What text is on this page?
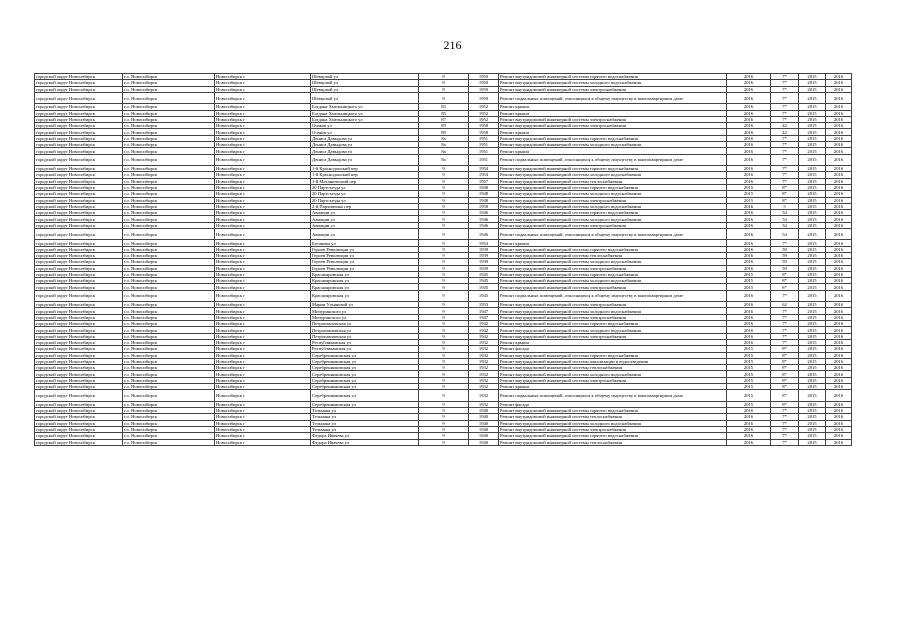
216
городской округ Новосибирск	г.о. Новосибирск	Новосибирск г	Шевцовой ул	8	1950	Ремонт внутридомовой инженерной системы горячего водоснабжения	2016	7*	2015	2016
городской округ Новосибирск	г.о. Новосибирск	Новосибирск г	Шевцовой ул	8	1950	Ремонт внутридомовой инженерной системы холодного водоснабжения	2016	7*	2015	2016
городской округ Новосибирск	г.о. Новосибирск	Новосибирск г	Шевцовой ул	8	1950	Ремонт внутридомовой инженерной системы электроснабжения	2016	7*	2015	2016
городской округ Новосибирск	г.о. Новосибирск	Новосибирск г	Шевцовой ул	8	1950	Ремонт подвальных помещений, относящихся к общему имуществу в многоквартирном доме	2016	7*	2015	2016
городской округ Новосибирск	г.о. Новосибирск	Новосибирск г	Богдана Хмельницкого ул	83	1952	Ремонт крыши	2016	7*	2015	2016
городской округ Новосибирск	г.о. Новосибирск	Новосибирск г	Богдана Хмельницкого ул	85	1952	Ремонт крыши	2016	7*	2015	2016
городской округ Новосибирск	г.о. Новосибирск	Новосибирск г	Богдана Хмельницкого ул	87	1952	Ремонт внутридомовой инженерной системы электроснабжения	2016	7*	2015	2016
городской округ Новосибирск	г.о. Новосибирск	Новосибирск г	Очаков ул	89	1958	Ремонт внутридомовой инженерной системы электроснабжения	2016	42	2015	2016
городской округ Новосибирск	г.о. Новосибирск	Новосибирск г	Очаков ул	89	1958	Ремонт крыши	2016	42	2015	2016
городской округ Новосибирск	г.о. Новосибирск	Новосибирск г	Дениса Давыдова ул	8а	1951	Ремонт внутридомовой инженерной системы горячего водоснабжения	2016	7*	2015	2016
городской округ Новосибирск	г.о. Новосибирск	Новосибирск г	Дениса Давыдова ул	8а	1951	Ремонт внутридомовой инженерной системы холодного водоснабжения	2016	7*	2015	2016
городской округ Новосибирск	г.о. Новосибирск	Новосибирск г	Дениса Давыдова ул	8а	1951	Ремонт крыши	2016	7*	2015	2016
городской округ Новосибирск	г.о. Новосибирск	Новосибирск г	Дениса Давыдова ул	8а	1951	Ремонт подвальных помещений, относящихся к общему имуществу в многоквартирном доме	2016	7*	2015	2016
городской округ Новосибирск	г.о. Новосибирск	Новосибирск г	1-й Краснодонский пер	9	1954	Ремонт внутридомовой инженерной системы горячего водоснабжения	2016	7*	2015	2016
городской округ Новосибирск	г.о. Новосибирск	Новосибирск г	1-й Краснодонский пер	9	1954	Ремонт внутридомовой инженерной системы холодного водоснабжения	2016	7*	2015	2016
городской округ Новосибирск	г.о. Новосибирск	Новосибирск г	1-й Механический пер	9	1957	Ремонт внутридомовой инженерной системы теплоснабжения	2016	7*	2015	2016
городской округ Новосибирск	г.о. Новосибирск	Новосибирск г	20 Партсъезда ул	9	1948	Ремонт внутридомовой инженерной системы горячего водоснабжения	2015	8*	2015	2016
городской округ Новосибирск	г.о. Новосибирск	Новосибирск г	20 Партсъезда ул	9	1948	Ремонт внутридомовой инженерной системы холодного водоснабжения	2015	8*	2015	2016
городской округ Новосибирск	г.о. Новосибирск	Новосибирск г	20 Партсъезда ул	9	1948	Ремонт внутридомовой инженерной системы электроснабжения	2015	8*	2015	2016
городской округ Новосибирск	г.о. Новосибирск	Новосибирск г	2-й Пархоменко пер	9	1958	Ремонт внутридомовой инженерной системы холодного водоснабжения	2016	5	2015	2016
городской округ Новосибирск	г.о. Новосибирск	Новосибирск г	Авиации ул	9	1946	Ремонт внутридомовой инженерной системы горячего водоснабжения	2016	54	2015	2016
городской округ Новосибирск	г.о. Новосибирск	Новосибирск г	Авиации ул	9	1946	Ремонт внутридомовой инженерной системы холодного водоснабжения	2016	54	2015	2016
городской округ Новосибирск	г.о. Новосибирск	Новосибирск г	Авиации ул	9	1946	Ремонт внутридомовой инженерной системы электроснабжения	2016	54	2015	2016
городской округ Новосибирск	г.о. Новосибирск	Новосибирск г	Авиации ул	9	1946	Ремонт подвальных помещений, относящихся к общему имуществу в многоквартирном доме	2016	54	2015	2016
городской округ Новосибирск	г.о. Новосибирск	Новосибирск г	Ботаника ул	9	1954	Ремонт крыши	2016	7*	2015	2016
городской округ Новосибирск	г.о. Новосибирск	Новосибирск г	Героев Революции ул	9	1939	Ремонт внутридомовой инженерной системы горячего водоснабжения	2016	59	2015	2016
городской округ Новосибирск	г.о. Новосибирск	Новосибирск г	Героев Революции ул	9	1939	Ремонт внутридомовой инженерной системы теплоснабжения	2016	59	2015	2016
городской округ Новосибирск	г.о. Новосибирск	Новосибирск г	Героев Революции ул	9	1939	Ремонт внутридомовой инженерной системы холодного водоснабжения	2016	59	2015	2016
городской округ Новосибирск	г.о. Новосибирск	Новосибирск г	Героев Революции ул	9	1939	Ремонт внутридомовой инженерной системы электроснабжения	2016	59	2015	2016
городской округ Новосибирск	г.о. Новосибирск	Новосибирск г	Краснояровская ул	9	1945	Ремонт внутридомовой инженерной системы горячего водоснабжения	2015	8*	2015	2016
городской округ Новосибирск	г.о. Новосибирск	Новосибирск г	Краснояровская ул	9	1945	Ремонт внутридомовой инженерной системы холодного водоснабжения	2015	8*	2015	2016
городской округ Новосибирск	г.о. Новосибирск	Новосибирск г	Краснояровская ул	9	1945	Ремонт внутридомовой инженерной системы электроснабжения	2015	8*	2015	2016
городской округ Новосибирск	г.о. Новосибирск	Новосибирск г	Краснояровская ул	9	1945	Ремонт подвальных помещений, относящихся к общему имуществу в многоквартирном доме	2016	7*	2015	2016
городской округ Новосибирск	г.о. Новосибирск	Новосибирск г	Марии Ульяновой ул	9	1953	Ремонт внутридомовой инженерной системы электроснабжения	2016	62	2015	2016
городской округ Новосибирск	г.о. Новосибирск	Новосибирск г	Мичуринского ул	9	1947	Ремонт внутридомовой инженерной системы холодного водоснабжения	2016	7*	2015	2016
городской округ Новосибирск	г.о. Новосибирск	Новосибирск г	Мичуринского ул	9	1947	Ремонт внутридомовой инженерной системы электроснабжения	2016	7*	2015	2016
городской округ Новосибирск	г.о. Новосибирск	Новосибирск г	Петропавловская ул	9	1942	Ремонт внутридомовой инженерной системы горячего водоснабжения	2016	7*	2015	2016
городской округ Новосибирск	г.о. Новосибирск	Новосибирск г	Петропавловская ул	9	1942	Ремонт внутридомовой инженерной системы холодного водоснабжения	2016	7*	2015	2016
городской округ Новосибирск	г.о. Новосибирск	Новосибирск г	Петропавловская ул	9	1942	Ремонт внутридомовой инженерной системы электроснабжения	2016	7*	2015	2016
городской округ Новосибирск	г.о. Новосибирск	Новосибирск г	Республиканская ул	9	1932	Ремонт крыши	2016	7*	2015	2016
городской округ Новосибирск	г.о. Новосибирск	Новосибирск г	Республиканская ул	9	1932	Ремонт фасада	2015	8*	2015	2016
городской округ Новосибирск	г.о. Новосибирск	Новосибирск г	Серебренниковская ул	9	1932	Ремонт внутридомовой инженерной системы горячего водоснабжения	2015	8*	2015	2016
городской округ Новосибирск	г.о. Новосибирск	Новосибирск г	Серебренниковская ул	9	1932	Ремонт внутридомовой инженерной системы канализации и водоотведения	2015	8*	2015	2016
городской округ Новосибирск	г.о. Новосибирск	Новосибирск г	Серебренниковская ул	9	1932	Ремонт внутридомовой инженерной системы теплоснабжения	2015	8*	2015	2016
городской округ Новосибирск	г.о. Новосибирск	Новосибирск г	Серебренниковская ул	9	1932	Ремонт внутридомовой инженерной системы холодного водоснабжения	2015	8*	2015	2016
городской округ Новосибирск	г.о. Новосибирск	Новосибирск г	Серебренниковская ул	9	1932	Ремонт внутридомовой инженерной системы электроснабжения	2015	8*	2015	2016
городской округ Новосибирск	г.о. Новосибирск	Новосибирск г	Серебренниковская ул	9	1932	Ремонт крыши	2015	8*	2015	2016
городской округ Новосибирск	г.о. Новосибирск	Новосибирск г	Серебренниковская ул	9	1932	Ремонт подвальных помещений, относящихся к общему имуществу в многоквартирном доме	2015	8*	2015	2016
городской округ Новосибирск	г.о. Новосибирск	Новосибирск г	Серебренниковская ул	9	1932	Ремонт фасада	2015	8*	2015	2016
городской округ Новосибирск	г.о. Новосибирск	Новосибирск г	Тельмана ул	9	1940	Ремонт внутридомовой инженерной системы горячего водоснабжения	2016	7*	2015	2016
городской округ Новосибирск	г.о. Новосибирск	Новосибирск г	Тельмана ул	9	1940	Ремонт внутридомовой инженерной системы теплоснабжения	2016	7*	2015	2016
городской округ Новосибирск	г.о. Новосибирск	Новосибирск г	Тельмана ул	9	1940	Ремонт внутридомовой инженерной системы холодного водоснабжения	2016	7*	2015	2016
городской округ Новосибирск	г.о. Новосибирск	Новосибирск г	Тельмана ул	9	1940	Ремонт внутридомовой инженерной системы электроснабжения	2016	7*	2015	2016
городской округ Новосибирск	г.о. Новосибирск	Новосибирск г	Федора Ивачева ул	9	1940	Ремонт внутридомовой инженерной системы горячего водоснабжения	2016	7*	2015	2016
городской округ Новосибирск	г.о. Новосибирск	Новосибирск г	Федора Ивачева ул	9	1940	Ремонт внутридомовой инженерной системы теплоснабжения	2016	7*	2015	2016
